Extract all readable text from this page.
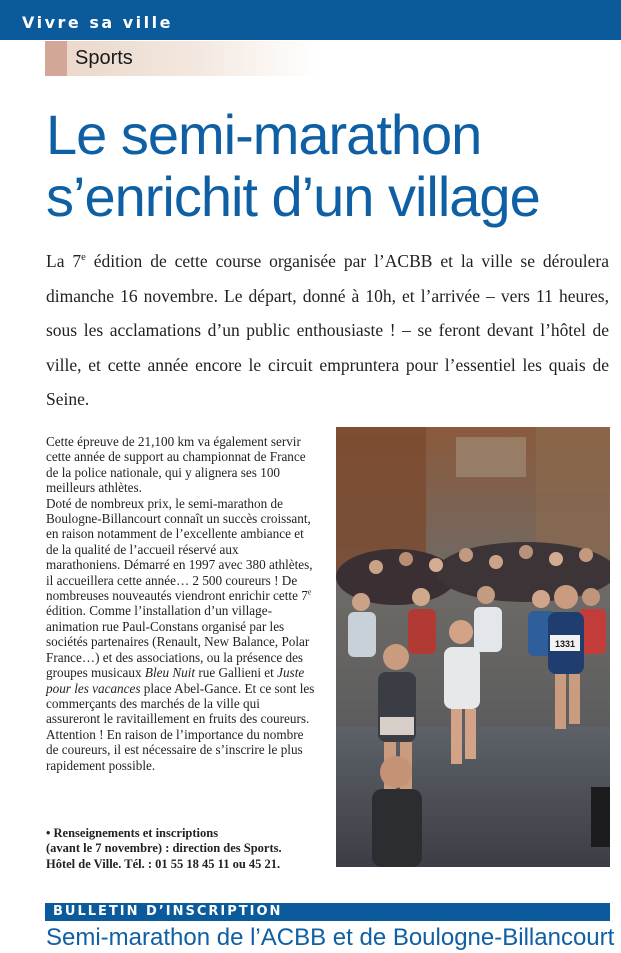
Vivre sa ville
Sports
Le semi-marathon
s’enrichit d’un village

La 7e édition de cette course organisée par l’ACBB et la ville se déroulera dimanche 16 novembre. Le départ, donné à 10h, et l’arrivée – vers 11 heures, sous les acclamations d’un public enthousiaste ! – se feront devant l’hôtel de ville, et cette année encore le circuit empruntera pour l’essentiel les quais de Seine.

Cette épreuve de 21,100 km va également servir cette année de support au championnat de France de la police nationale, qui y alignera ses 100 meilleurs athlètes.
Doté de nombreux prix, le semi-marathon de Boulogne-Billancourt connaît un succès croissant, en raison notamment de l’excellente ambiance et de la qualité de l’accueil réservé aux marathoniens. Démarré en 1997 avec 380 athlètes, il accueillera cette année… 2 500 coureurs ! De nombreuses nouveautés viendront enrichir cette 7e édition. Comme l’installation d’un village-animation rue Paul-Constans organisé par les sociétés partenaires (Renault, New Balance, Polar France…) et des associations, ou la présence des groupes musicaux Bleu Nuit rue Gallieni et Juste pour les vacances place Abel-Gance. Et ce sont les commerçants des marchés de la ville qui assureront le ravitaillement en fruits des coureurs. Attention ! En raison de l’importance du nombre de coureurs, il est nécessaire de s’inscrire le plus rapidement possible.

• Renseignements et inscriptions
(avant le 7 novembre) : direction des Sports.
Hôtel de Ville. Tél. : 01 55 18 45 11 ou 45 21.

1331
BULLETIN D’INSCRIPTION
Semi-marathon de l’ACBB et de Boulogne-Billancourt
